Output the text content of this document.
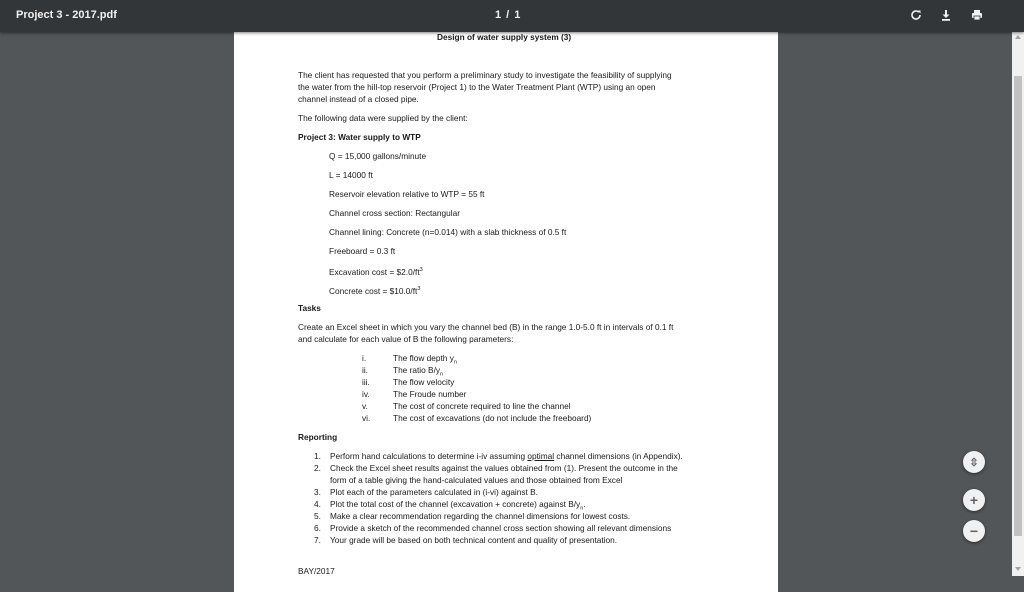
Project 3 - 2017.pdf	1 / 1
Design of water supply system (3)
The client has requested that you perform a preliminary study to investigate the feasibility of supplying
the water from the hill-top reservoir (Project 1) to the Water Treatment Plant (WTP) using an open
channel instead of a closed pipe.
The following data were supplied by the client:
Project 3: Water supply to WTP
Q = 15,000 gallons/minute
L = 14000 ft
Reservoir elevation relative to WTP = 55 ft
Channel cross section: Rectangular
Channel lining: Concrete (n=0.014) with a slab thickness of 0.5 ft
Freeboard = 0.3 ft
Excavation $\cos t = \$2.0/ft^3$
Concrete $\cos t = \$10.0/ft^3$
Tasks
Create an Excel sheet in which you vary the channel bed (B) in the range 1.0-5.0 ft in intervals of 0.1 ft
and calculate for each value of B the following parameters:
i.	The flow depth $y_n$
ii.	The ratio $B/y_n$
iii.	The flow velocity
iv.	The Froude number
v.	The cost of concrete required to line the channel
vi.	The cost of excavations (do not include the freeboard)
Reporting
1. Perform hand calculations to determine i-iv assuming optimal channel dimensions (in Appendix).
2. Check the Excel sheet results against the values obtained from (1). Present the outcome in the
form of a table giving the hand-calculated values and those obtained from Excel
3. Plot each of the parameters calculated in (i-vi) against B.
4. Plot the total cost of the channel (excavation + concrete) against $B/y_n$.
5. Make a clear recommendation regarding the channel dimensions for lowest costs.
6. Provide a sketch of the recommended channel cross section showing all relevant dimensions
7. Your grade will be based on both technical content and quality of presentation.
BAY/2017
⇳
+
−
